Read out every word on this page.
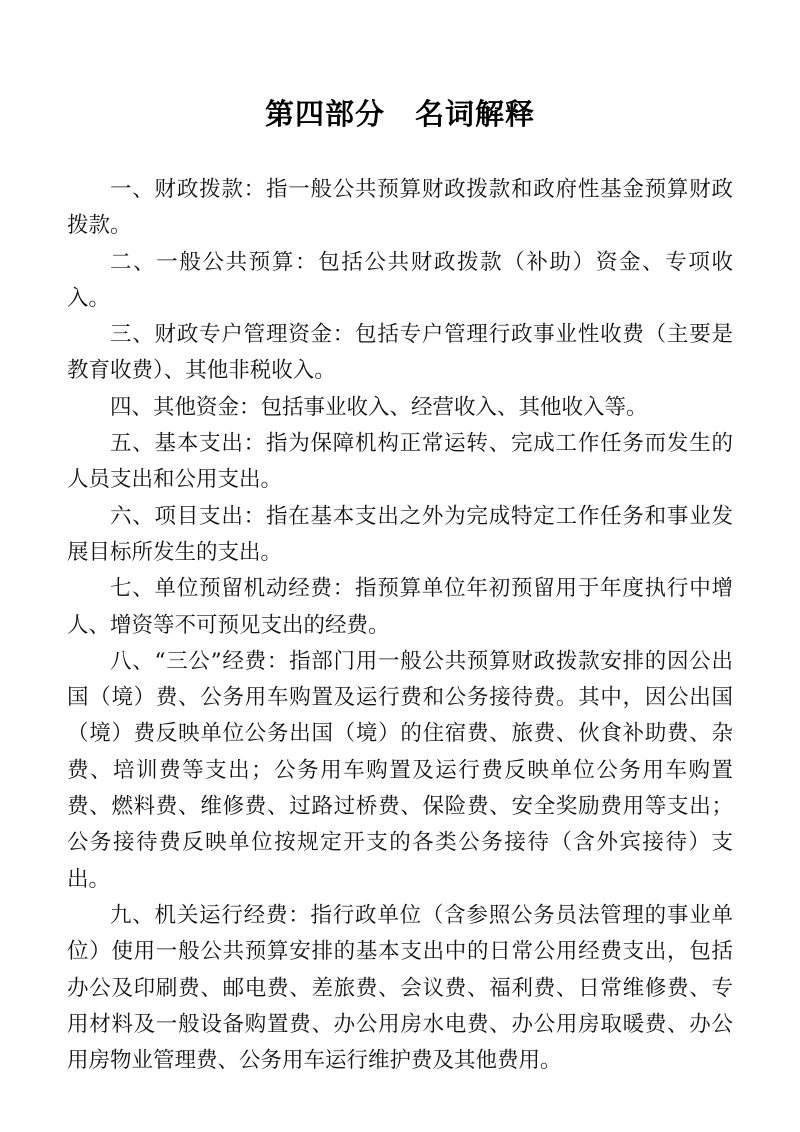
第四部分　名词解释

一、财政拨款：指一般公共预算财政拨款和政府性基金预算财政拨款。

二、一般公共预算：包括公共财政拨款（补助）资金、专项收入。

三、财政专户管理资金：包括专户管理行政事业性收费（主要是教育收费）、其他非税收入。

四、其他资金：包括事业收入、经营收入、其他收入等。

五、基本支出：指为保障机构正常运转、完成工作任务而发生的人员支出和公用支出。

六、项目支出：指在基本支出之外为完成特定工作任务和事业发展目标所发生的支出。

七、单位预留机动经费：指预算单位年初预留用于年度执行中增人、增资等不可预见支出的经费。

八、“三公”经费：指部门用一般公共预算财政拨款安排的因公出国（境）费、公务用车购置及运行费和公务接待费。其中，因公出国（境）费反映单位公务出国（境）的住宿费、旅费、伙食补助费、杂费、培训费等支出；公务用车购置及运行费反映单位公务用车购置费、燃料费、维修费、过路过桥费、保险费、安全奖励费用等支出；公务接待费反映单位按规定开支的各类公务接待（含外宾接待）支出。

九、机关运行经费：指行政单位（含参照公务员法管理的事业单位）使用一般公共预算安排的基本支出中的日常公用经费支出，包括办公及印刷费、邮电费、差旅费、会议费、福利费、日常维修费、专用材料及一般设备购置费、办公用房水电费、办公用房取暖费、办公用房物业管理费、公务用车运行维护费及其他费用。
